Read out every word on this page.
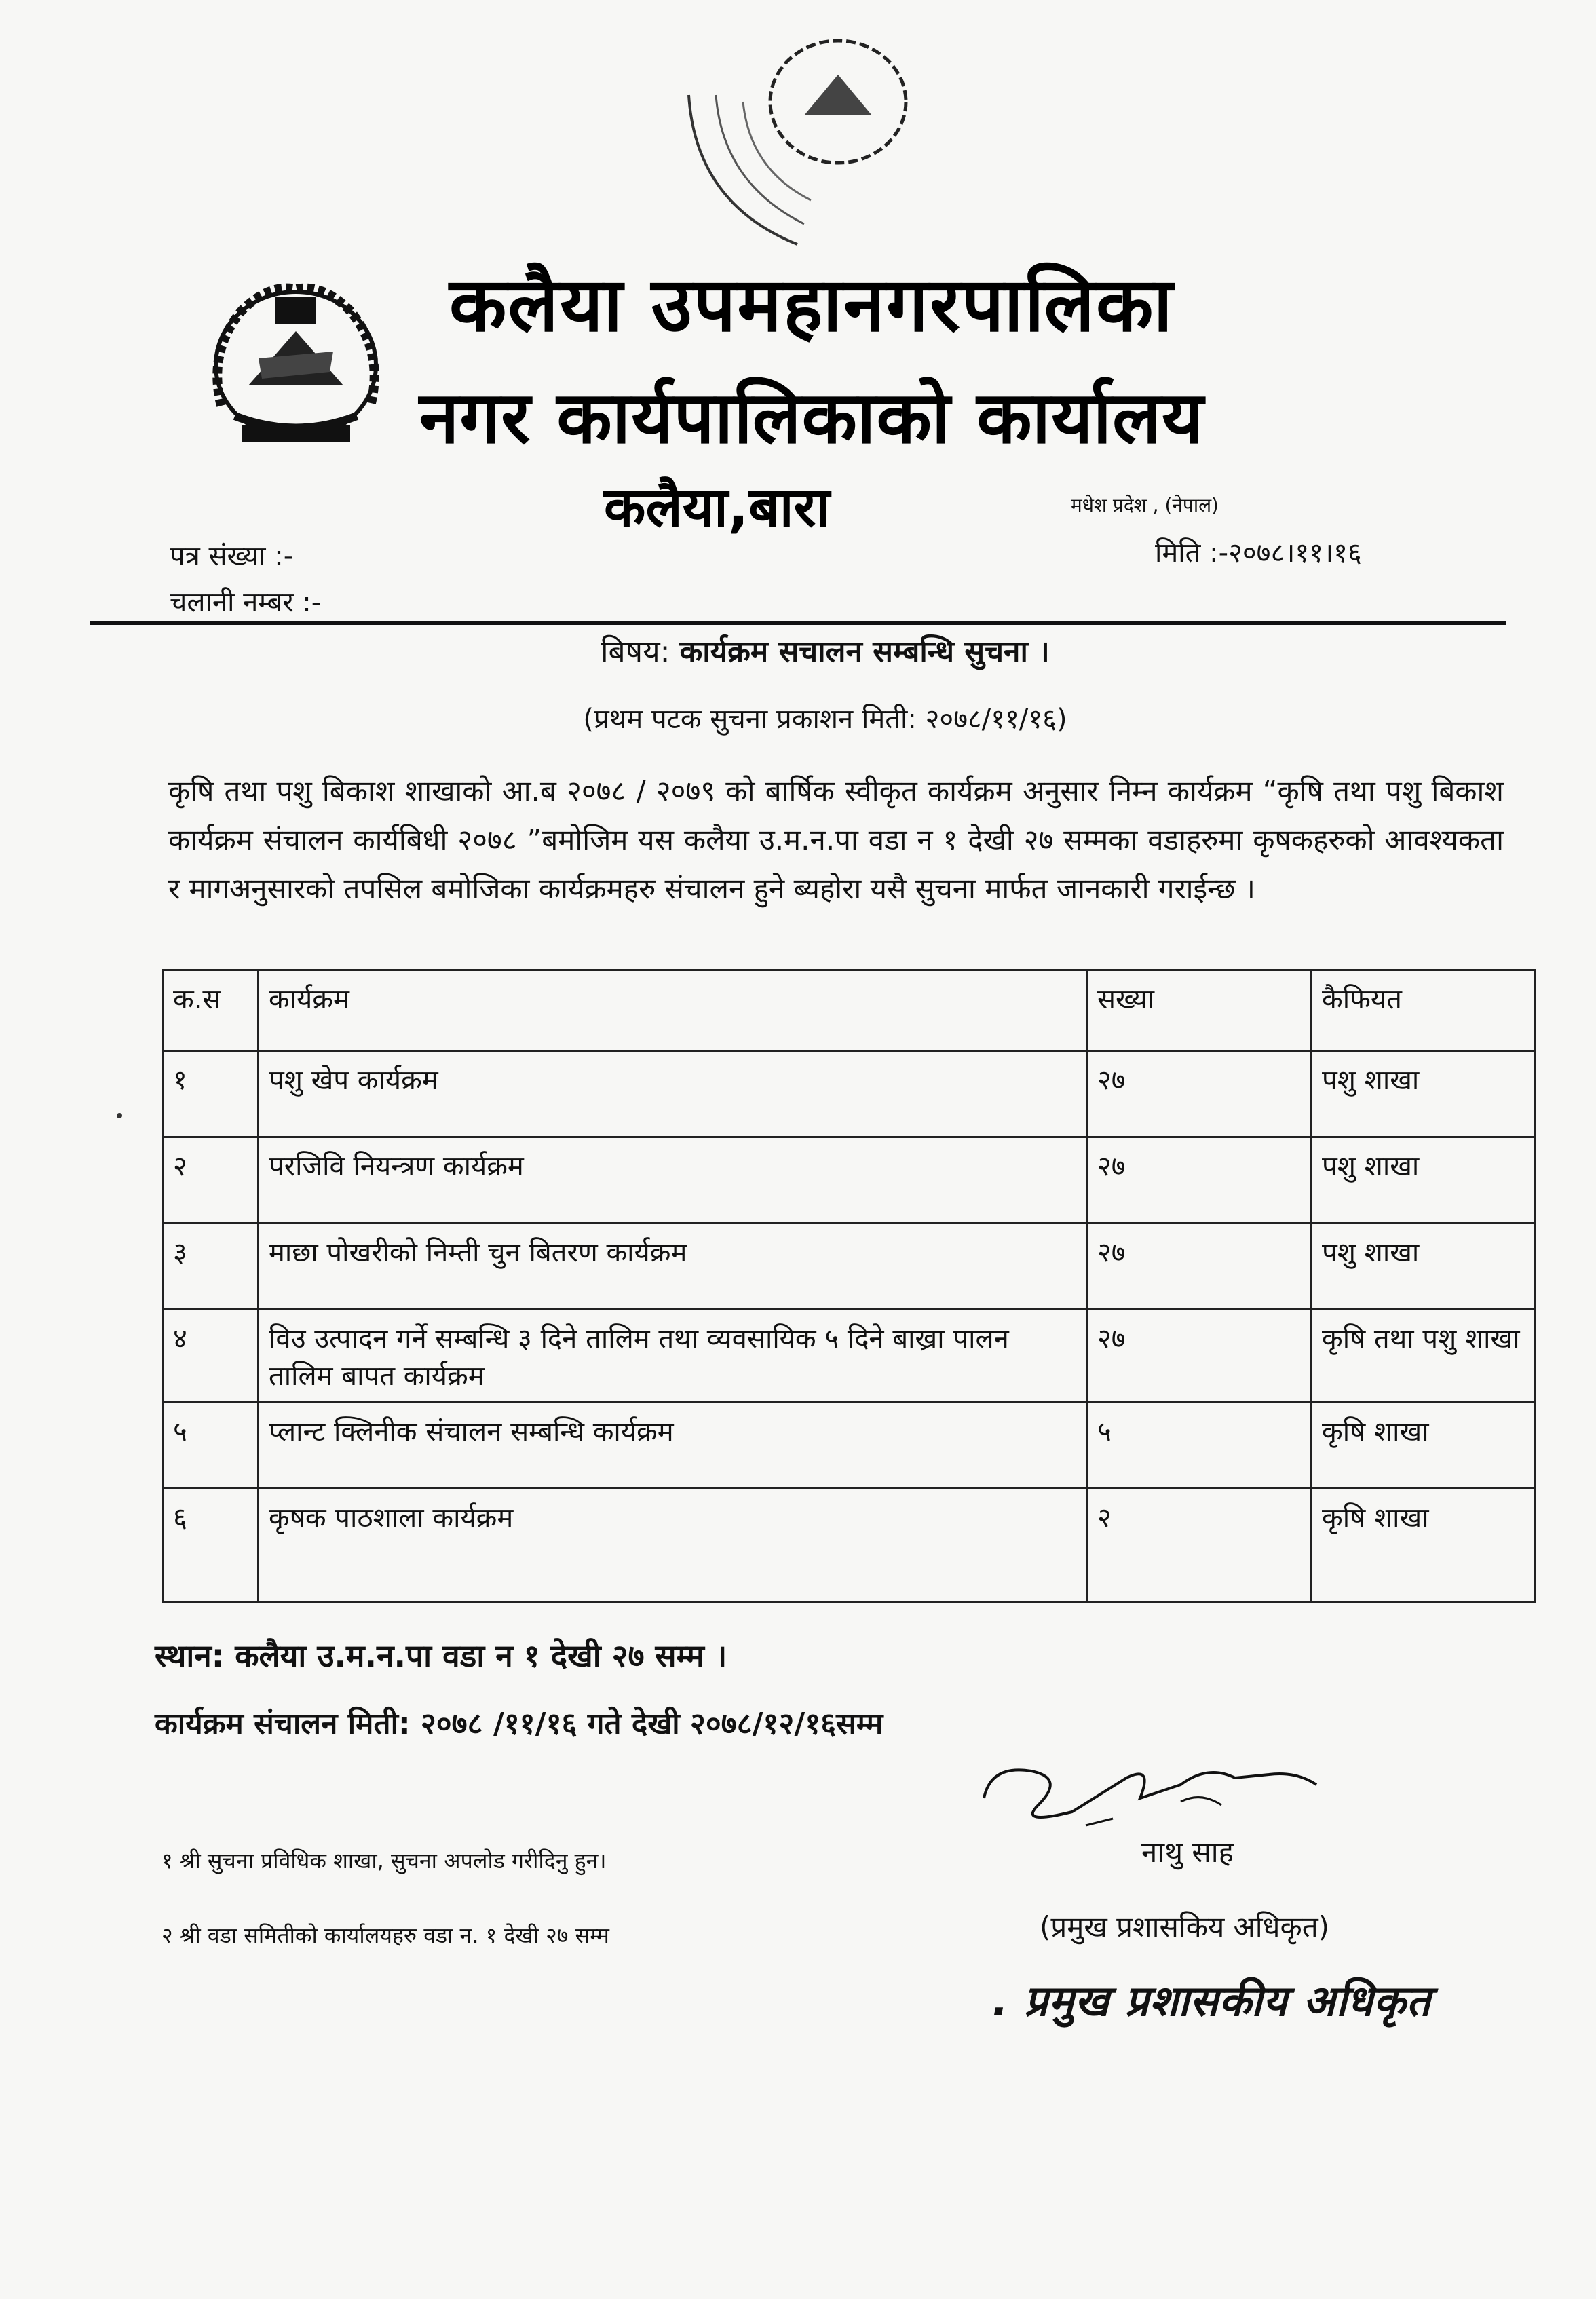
कलैया उपमहानगरपालिका
नगर कार्यपालिकाको कार्यालय
कलैया,बारा	मधेश प्रदेश , (नेपाल)
पत्र संख्या :-
चलानी नम्बर :-
मिति :-२०७८।११।१६
बिषय: कार्यक्रम सचालन सम्बन्धि सुचना ।
(प्रथम पटक सुचना प्रकाशन मिती: २०७८/११/१६)
कृषि तथा पशु बिकाश शाखाको आ.ब २०७८ / २०७९ को बार्षिक स्वीकृत कार्यक्रम अनुसार निम्न कार्यक्रम “कृषि तथा पशु बिकाश कार्यक्रम संचालन कार्यबिधी २०७८ ”बमोजिम यस कलैया उ.म.न.पा वडा न १ देखी २७ सम्मका वडाहरुमा कृषकहरुको आवश्यकता र मागअनुसारको तपसिल बमोजिका कार्यक्रमहरु संचालन हुने ब्यहोरा यसै सुचना मार्फत जानकारी गराईन्छ ।
क.स	कार्यक्रम	सख्या	कैफियत
१	पशु खेप कार्यक्रम	२७	पशु शाखा
२	परजिवि नियन्त्रण कार्यक्रम	२७	पशु शाखा
३	माछा पोखरीको निम्ती चुन बितरण कार्यक्रम	२७	पशु शाखा
४	विउ उत्पादन गर्ने सम्बन्धि ३ दिने तालिम तथा व्यवसायिक ५ दिने बाख्रा पालन तालिम बापत कार्यक्रम	२७	कृषि तथा पशु शाखा
५	प्लान्ट क्लिनीक संचालन सम्बन्धि कार्यक्रम	५	कृषि शाखा
६	कृषक पाठशाला कार्यक्रम	२	कृषि शाखा
स्थान: कलैया उ.म.न.पा वडा न १ देखी २७ सम्म ।
कार्यक्रम संचालन मिती: २०७८ /११/१६ गते देखी २०७८/१२/१६सम्म
नाथु साह
(प्रमुख प्रशासकिय अधिकृत)
१ श्री सुचना प्रविधिक शाखा, सुचना अपलोड गरीदिनु हुन।
२ श्री वडा समितीको कार्यालयहरु वडा न. १ देखी २७ सम्म
. प्रमुख प्रशासकीय अधिकृत
